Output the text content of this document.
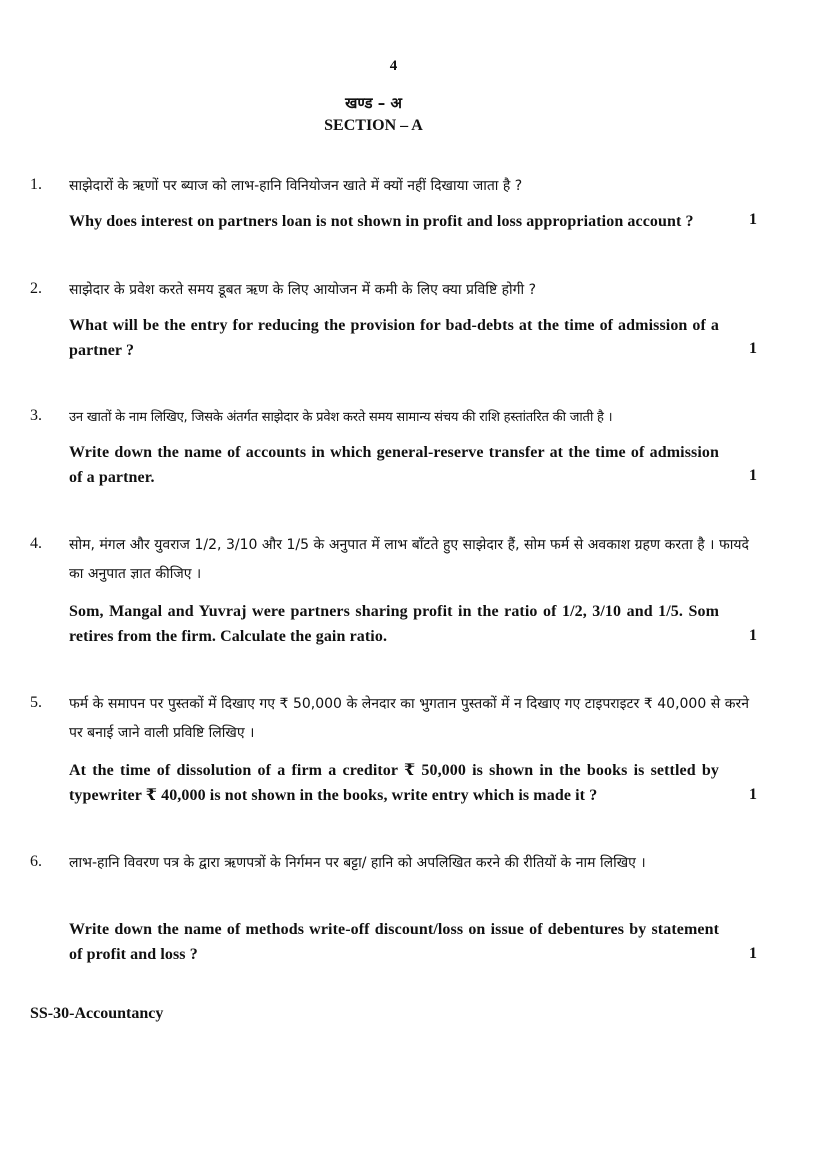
4
खण्ड – अ
SECTION – A
1. साझेदारों के ऋणों पर ब्याज को लाभ-हानि विनियोजन खाते में क्यों नहीं दिखाया जाता है ?
Why does interest on partners loan is not shown in profit and loss appropriation account ?	1
2. साझेदार के प्रवेश करते समय डूबत ऋण के लिए आयोजन में कमी के लिए क्या प्रविष्टि होगी ?
What will be the entry for reducing the provision for bad-debts at the time of admission of a partner ?	1
3. उन खातों के नाम लिखिए, जिसके अंतर्गत साझेदार के प्रवेश करते समय सामान्य संचय की राशि हस्तांतरित की जाती है ।
Write down the name of accounts in which general-reserve transfer at the time of admission of a partner.	1
4. सोम, मंगल और युवराज 1/2, 3/10 और 1/5 के अनुपात में लाभ बाँटते हुए साझेदार हैं, सोम फर्म से अवकाश ग्रहण करता है । फायदे का अनुपात ज्ञात कीजिए ।
Som, Mangal and Yuvraj were partners sharing profit in the ratio of 1/2, 3/10 and 1/5. Som retires from the firm. Calculate the gain ratio.	1
5. फर्म के समापन पर पुस्तकों में दिखाए गए ₹ 50,000 के लेनदार का भुगतान पुस्तकों में न दिखाए गए टाइपराइटर ₹ 40,000 से करने पर बनाई जाने वाली प्रविष्टि लिखिए ।
At the time of dissolution of a firm a creditor ₹ 50,000 is shown in the books is settled by typewriter ₹ 40,000 is not shown in the books, write entry which is made it ?	1
6. लाभ-हानि विवरण पत्र के द्वारा ऋणपत्रों के निर्गमन पर बट्टा/ हानि को अपलिखित करने की रीतियों के नाम लिखिए ।
Write down the name of methods write-off discount/loss on issue of debentures by statement of profit and loss ?	1
SS-30-Accountancy
